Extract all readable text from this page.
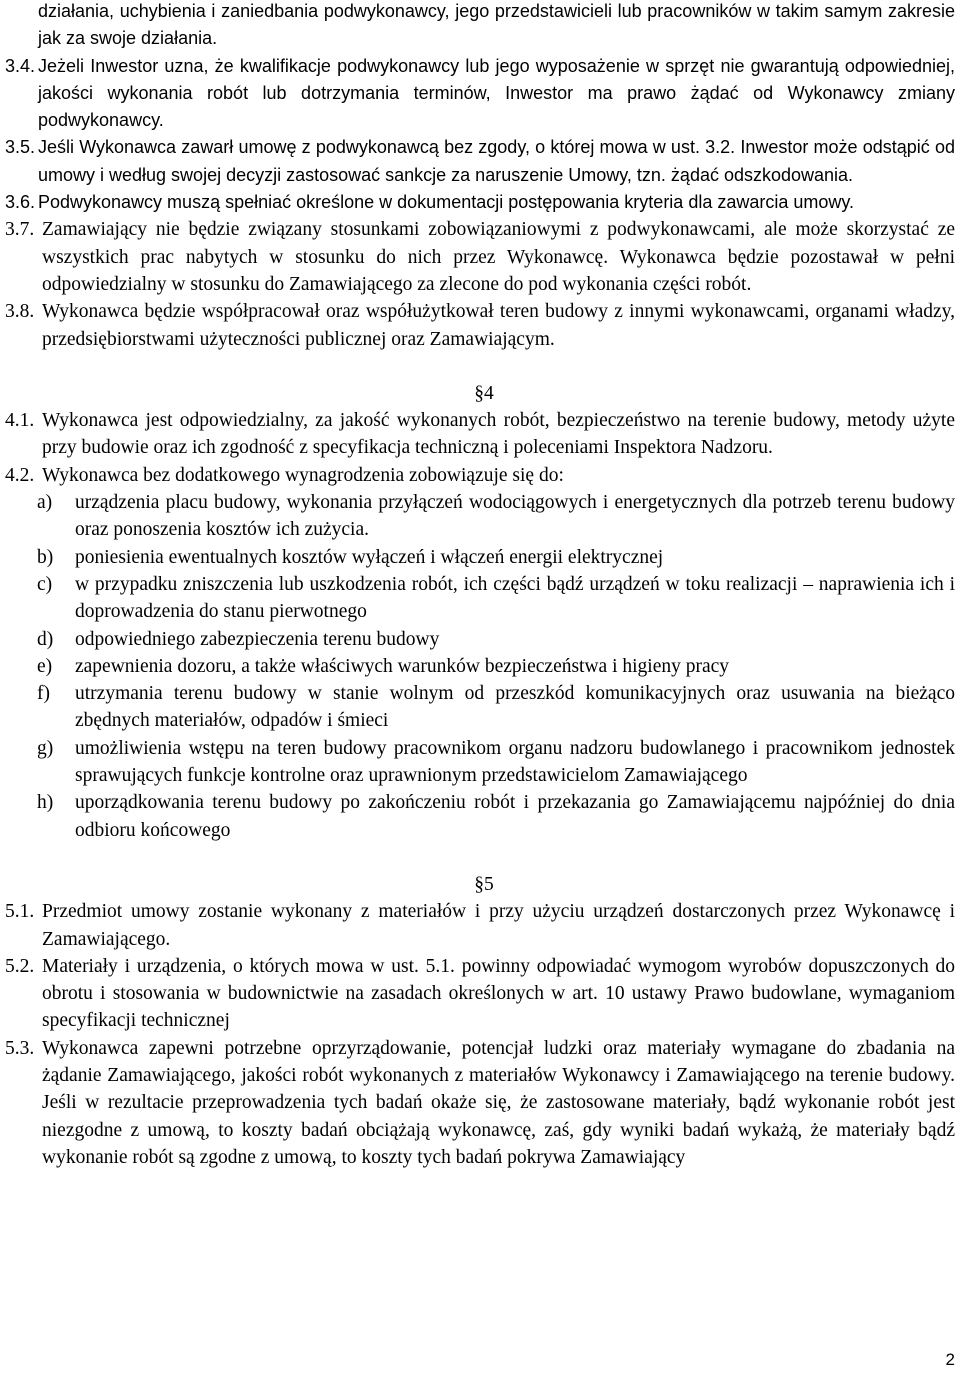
działania, uchybienia i zaniedbania podwykonawcy, jego przedstawicieli lub pracowników w takim samym zakresie jak za swoje działania.
3.4. Jeżeli Inwestor uzna, że kwalifikacje podwykonawcy lub jego wyposażenie w sprzęt nie gwarantują odpowiedniej, jakości wykonania robót lub dotrzymania terminów, Inwestor ma prawo żądać od Wykonawcy zmiany podwykonawcy.
3.5. Jeśli Wykonawca zawarł umowę z podwykonawcą bez zgody, o której mowa w ust. 3.2. Inwestor może odstąpić od umowy i według swojej decyzji zastosować sankcje za naruszenie Umowy, tzn. żądać odszkodowania.
3.6. Podwykonawcy muszą spełniać określone w dokumentacji postępowania kryteria dla zawarcia umowy.
3.7. Zamawiający nie będzie związany stosunkami zobowiązaniowymi z podwykonawcami, ale może skorzystać ze wszystkich prac nabytych w stosunku do nich przez Wykonawcę. Wykonawca będzie pozostawał w pełni odpowiedzialny w stosunku do Zamawiającego za zlecone do pod wykonania części robót.
3.8. Wykonawca będzie współpracował oraz współużytkował teren budowy z innymi wykonawcami, organami władzy, przedsiębiorstwami użyteczności publicznej oraz Zamawiającym.
§4
4.1. Wykonawca jest odpowiedzialny, za jakość wykonanych robót, bezpieczeństwo na terenie budowy, metody użyte przy budowie oraz ich zgodność z specyfikacja techniczną i poleceniami Inspektora Nadzoru.
4.2. Wykonawca bez dodatkowego wynagrodzenia zobowiązuje się do:
a)	urządzenia placu budowy, wykonania przyłączeń wodociągowych i energetycznych dla potrzeb terenu budowy oraz ponoszenia kosztów ich zużycia.
b)	poniesienia ewentualnych kosztów wyłączeń i włączeń energii elektrycznej
c)	w przypadku zniszczenia lub uszkodzenia robót, ich części bądź urządzeń w toku realizacji – naprawienia ich i doprowadzenia do stanu pierwotnego
d)	odpowiedniego zabezpieczenia terenu budowy
e)	zapewnienia dozoru, a także właściwych warunków bezpieczeństwa i higieny pracy
f)	utrzymania terenu budowy w stanie wolnym od przeszkód komunikacyjnych oraz usuwania na bieżąco zbędnych materiałów, odpadów i śmieci
g)	umożliwienia wstępu na teren budowy pracownikom organu nadzoru budowlanego i pracownikom jednostek sprawujących funkcje kontrolne oraz uprawnionym przedstawicielom Zamawiającego
h)	uporządkowania terenu budowy po zakończeniu robót i przekazania go Zamawiającemu najpóźniej do dnia odbioru końcowego
§5
5.1. Przedmiot umowy zostanie wykonany z materiałów i przy użyciu urządzeń dostarczonych przez Wykonawcę i Zamawiającego.
5.2. Materiały i urządzenia, o których mowa w ust. 5.1. powinny odpowiadać wymogom wyrobów dopuszczonych do obrotu i stosowania w budownictwie na zasadach określonych w art. 10 ustawy Prawo budowlane, wymaganiom specyfikacji technicznej
5.3. Wykonawca zapewni potrzebne oprzyrządowanie, potencjał ludzki oraz materiały wymagane do zbadania na żądanie Zamawiającego, jakości robót wykonanych z materiałów Wykonawcy i Zamawiającego na terenie budowy. Jeśli w rezultacie przeprowadzenia tych badań okaże się, że zastosowane materiały, bądź wykonanie robót jest niezgodne z umową, to koszty badań obciążają wykonawcę, zaś, gdy wyniki badań wykażą, że materiały bądź wykonanie robót są zgodne z umową, to koszty tych badań pokrywa Zamawiający
2
